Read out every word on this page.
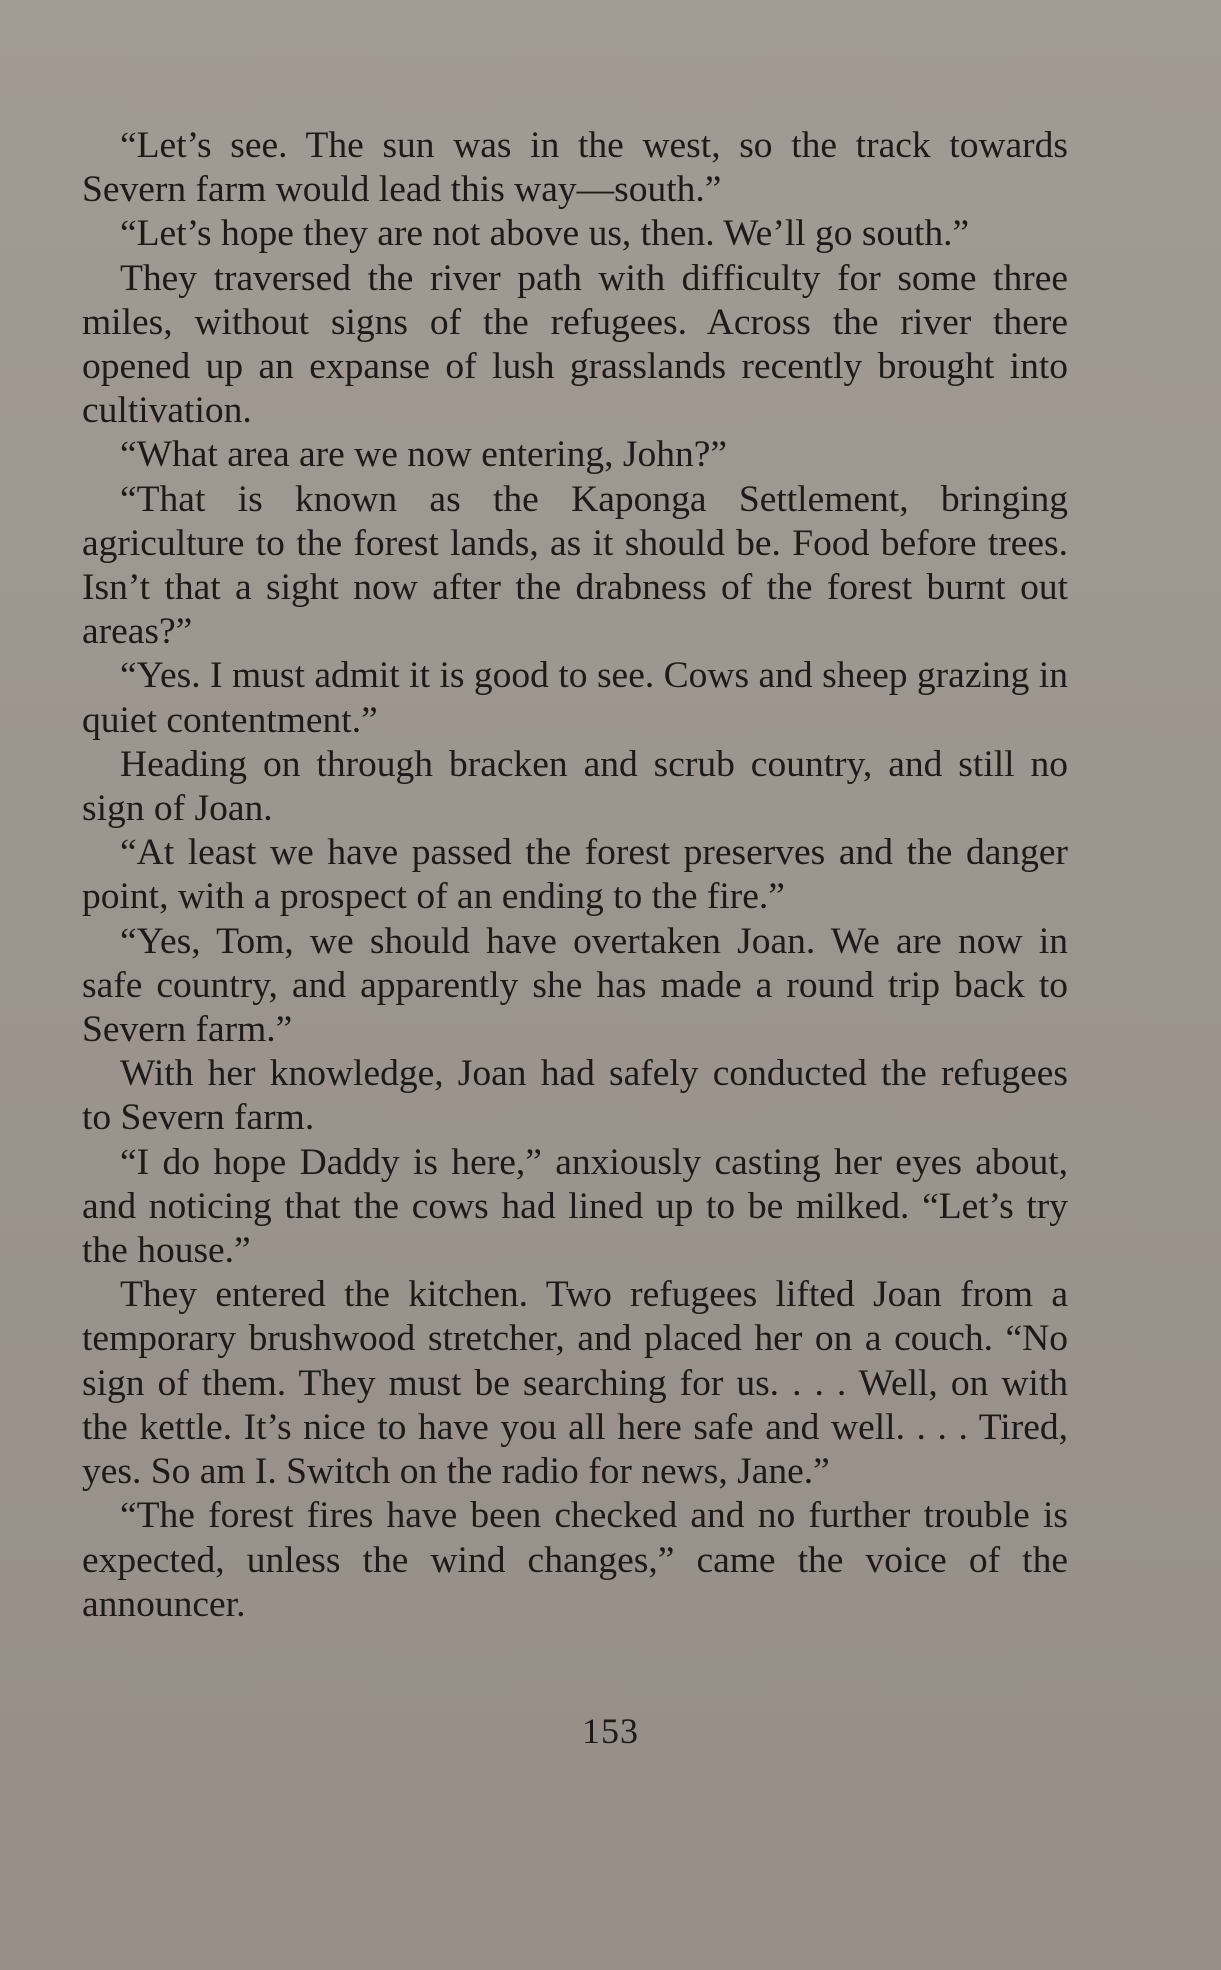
“Let’s see. The sun was in the west, so the track towards Severn farm would lead this way—south.”

“Let’s hope they are not above us, then. We’ll go south.”

They traversed the river path with difficulty for some three miles, without signs of the refugees. Across the river there opened up an expanse of lush grasslands recently brought into cultivation.

“What area are we now entering, John?”

“That is known as the Kaponga Settlement, bringing agriculture to the forest lands, as it should be. Food before trees. Isn’t that a sight now after the drabness of the forest burnt out areas?”

“Yes. I must admit it is good to see. Cows and sheep grazing in quiet contentment.”

Heading on through bracken and scrub country, and still no sign of Joan.

“At least we have passed the forest preserves and the danger point, with a prospect of an ending to the fire.”

“Yes, Tom, we should have overtaken Joan. We are now in safe country, and apparently she has made a round trip back to Severn farm.”

With her knowledge, Joan had safely conducted the refugees to Severn farm.

“I do hope Daddy is here,” anxiously casting her eyes about, and noticing that the cows had lined up to be milked. “Let’s try the house.”

They entered the kitchen. Two refugees lifted Joan from a temporary brushwood stretcher, and placed her on a couch. “No sign of them. They must be searching for us. . . . Well, on with the kettle. It’s nice to have you all here safe and well. . . . Tired, yes. So am I. Switch on the radio for news, Jane.”

“The forest fires have been checked and no further trouble is expected, unless the wind changes,” came the voice of the announcer.

153
